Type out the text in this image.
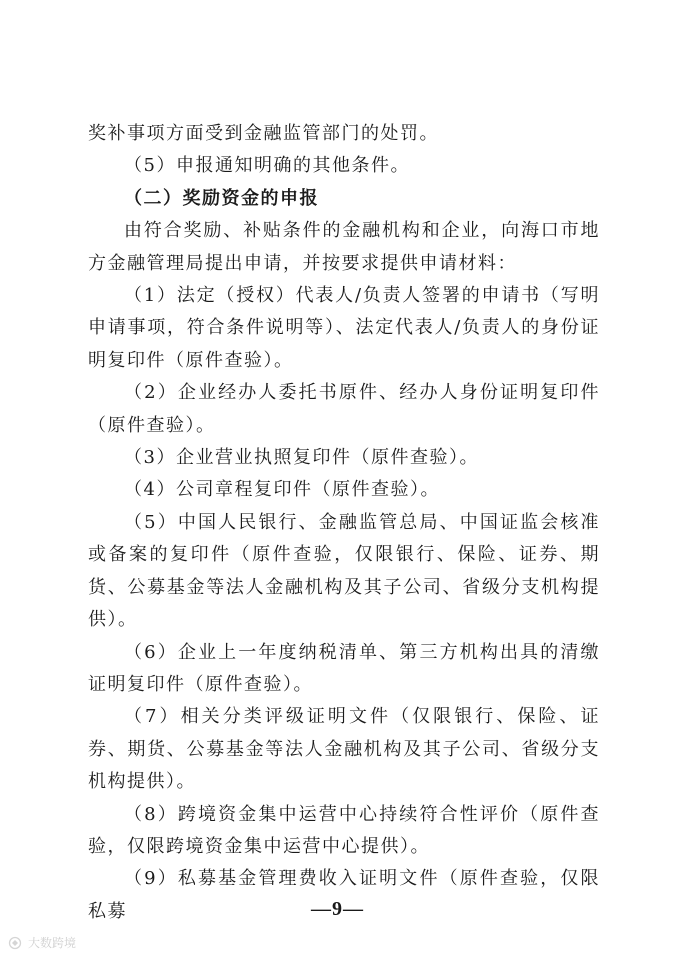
奖补事项方面受到金融监管部门的处罚。

（5）申报通知明确的其他条件。

（二）奖励资金的申报

由符合奖励、补贴条件的金融机构和企业，向海口市地方金融管理局提出申请，并按要求提供申请材料：

（1）法定（授权）代表人/负责人签署的申请书（写明申请事项，符合条件说明等）、法定代表人/负责人的身份证明复印件（原件查验）。

（2）企业经办人委托书原件、经办人身份证明复印件（原件查验）。

（3）企业营业执照复印件（原件查验）。

（4）公司章程复印件（原件查验）。

（5）中国人民银行、金融监管总局、中国证监会核准或备案的复印件（原件查验，仅限银行、保险、证券、期货、公募基金等法人金融机构及其子公司、省级分支机构提供）。

（6）企业上一年度纳税清单、第三方机构出具的清缴证明复印件（原件查验）。

（7）相关分类评级证明文件（仅限银行、保险、证券、期货、公募基金等法人金融机构及其子公司、省级分支机构提供）。

（8）跨境资金集中运营中心持续符合性评价（原件查验，仅限跨境资金集中运营中心提供）。

（9）私募基金管理费收入证明文件（原件查验，仅限私募	—9—
大数跨境
